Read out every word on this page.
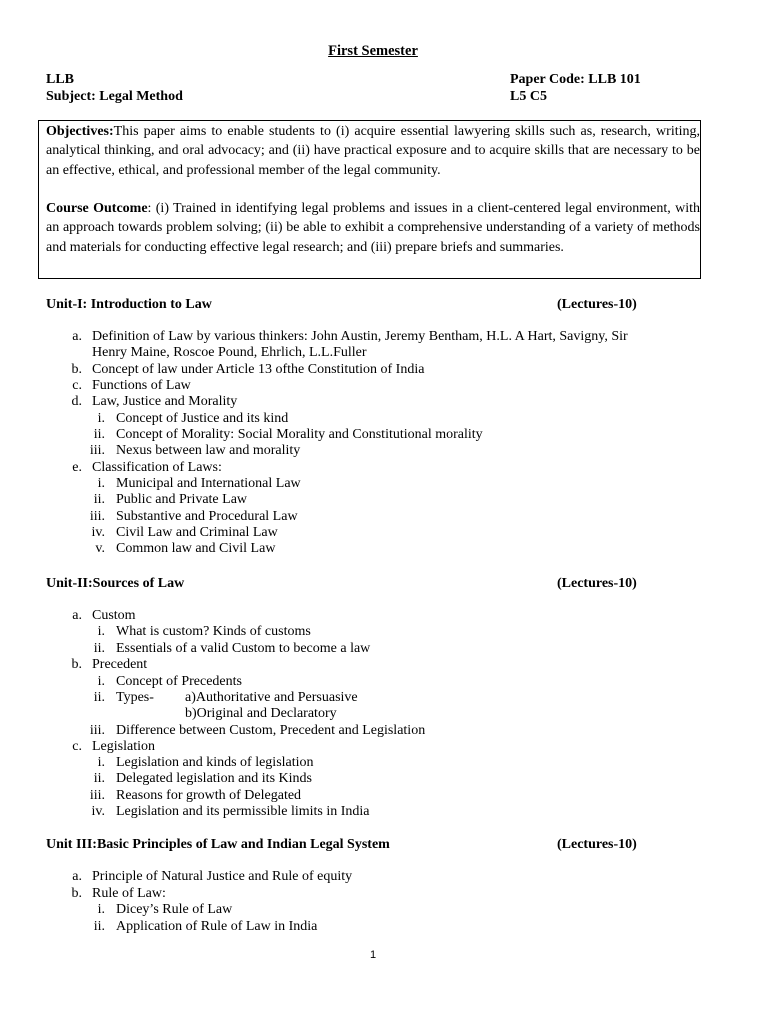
First Semester
LLB	Paper Code: LLB 101
Subject: Legal Method	L5 C5
Objectives:This paper aims to enable students to (i) acquire essential lawyering skills such as, research, writing, analytical thinking, and oral advocacy; and (ii) have practical exposure and to acquire skills that are necessary to be an effective, ethical, and professional member of the legal community.
Course Outcome: (i) Trained in identifying legal problems and issues in a client-centered legal environment, with an approach towards problem solving; (ii) be able to exhibit a comprehensive understanding of a variety of methods and materials for conducting effective legal research; and (iii) prepare briefs and summaries.
Unit-I: Introduction to Law	(Lectures-10)
a. Definition of Law by various thinkers: John Austin, Jeremy Bentham, H.L. A Hart, Savigny, Sir
Henry Maine, Roscoe Pound, Ehrlich, L.L.Fuller
b. Concept of law under Article 13 ofthe Constitution of India
c. Functions of Law
d. Law, Justice and Morality
i. Concept of Justice and its kind
ii. Concept of Morality: Social Morality and Constitutional morality
iii. Nexus between law and morality
e. Classification of Laws:
i. Municipal and International Law
ii. Public and Private Law
iii. Substantive and Procedural Law
iv. Civil Law and Criminal Law
v. Common law and Civil Law
Unit-II:Sources of Law	(Lectures-10)
a. Custom
i. What is custom? Kinds of customs
ii. Essentials of a valid Custom to become a law
b. Precedent
i. Concept of Precedents
ii. Types- a)Authoritative and Persuasive
b)Original and Declaratory
iii. Difference between Custom, Precedent and Legislation
c. Legislation
i. Legislation and kinds of legislation
ii. Delegated legislation and its Kinds
iii. Reasons for growth of Delegated
iv. Legislation and its permissible limits in India
Unit III:Basic Principles of Law and Indian Legal System	(Lectures-10)
a. Principle of Natural Justice and Rule of equity
b. Rule of Law:
i. Dicey’s Rule of Law
ii. Application of Rule of Law in India
1
